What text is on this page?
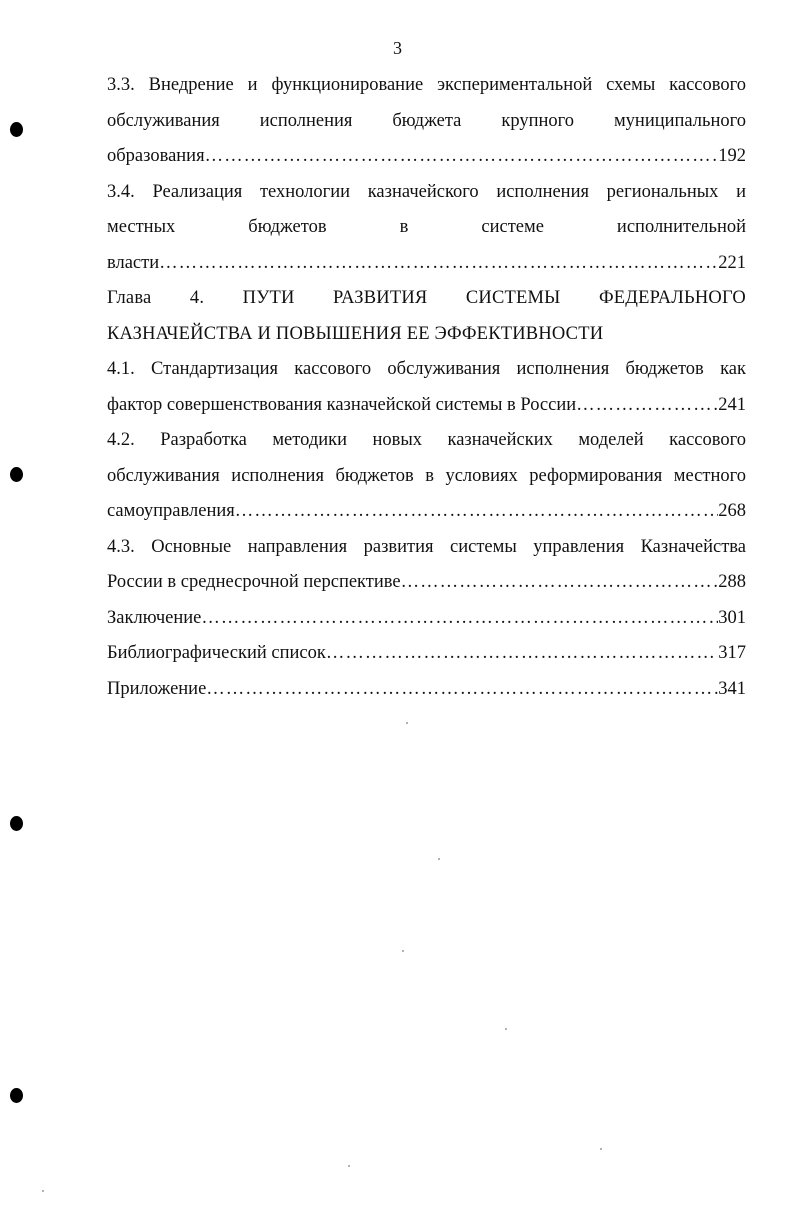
3
3.3. Внедрение и функционирование экспериментальной схемы кассового
обслуживания исполнения бюджета крупного муниципального
образования ……………………………………………………………………………………………………………………………………	192
3.4. Реализация технологии казначейского исполнения региональных и
местных бюджетов в системе исполнительной
власти ……………………………………………………………………………………………………………………………………	221
Глава 4. ПУТИ РАЗВИТИЯ СИСТЕМЫ ФЕДЕРАЛЬНОГО
КАЗНАЧЕЙСТВА И ПОВЫШЕНИЯ ЕЕ ЭФФЕКТИВНОСТИ
4.1. Стандартизация кассового обслуживания исполнения бюджетов как
фактор совершенствования казначейской системы в России ……………………………………………………………………………………………………………………………………	241
4.2. Разработка методики новых казначейских моделей кассового
обслуживания исполнения бюджетов в условиях реформирования местного
самоуправления ……………………………………………………………………………………………………………………………………	268
4.3. Основные направления развития системы управления Казначейства
России в среднесрочной перспективе ……………………………………………………………………………………………………………………………………	288
Заключение ……………………………………………………………………………………………………………………………………	301
Библиографический список ……………………………………………………………………………………………………………………………………	317
Приложение ……………………………………………………………………………………………………………………………………	341
